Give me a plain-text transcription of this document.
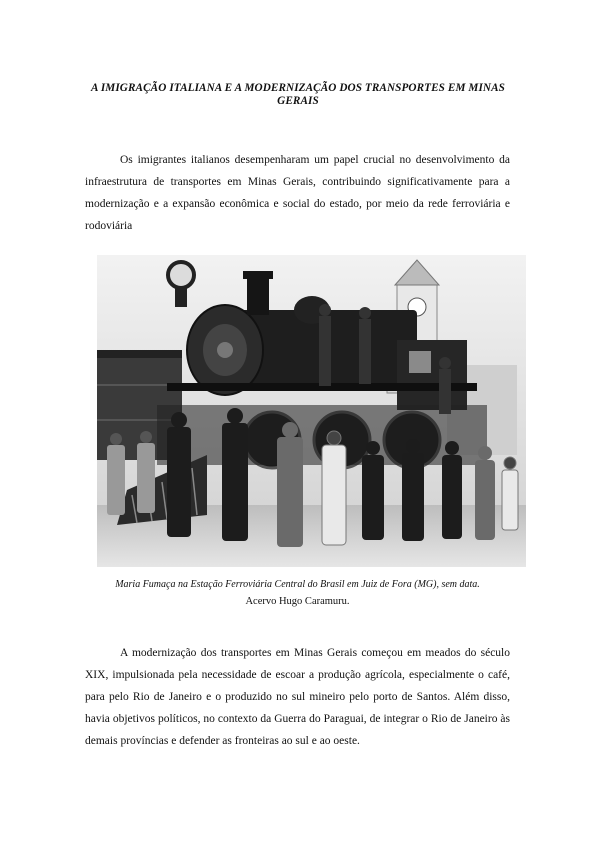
A IMIGRAÇÃO ITALIANA E A MODERNIZAÇÃO DOS TRANSPORTES EM MINAS GERAIS

Os imigrantes italianos desempenharam um papel crucial no desenvolvimento da infraestrutura de transportes em Minas Gerais, contribuindo significativamente para a modernização e a expansão econômica e social do estado, por meio da rede ferroviária e rodoviária

Maria Fumaça na Estação Ferroviária Central do Brasil em Juiz de Fora (MG), sem data.
Acervo Hugo Caramuru.

A modernização dos transportes em Minas Gerais começou em meados do século XIX, impulsionada pela necessidade de escoar a produção agrícola, especialmente o café, para pelo Rio de Janeiro e o produzido no sul mineiro pelo porto de Santos. Além disso, havia objetivos políticos, no contexto da Guerra do Paraguai, de integrar o Rio de Janeiro às demais províncias e defender as fronteiras ao sul e ao oeste.
